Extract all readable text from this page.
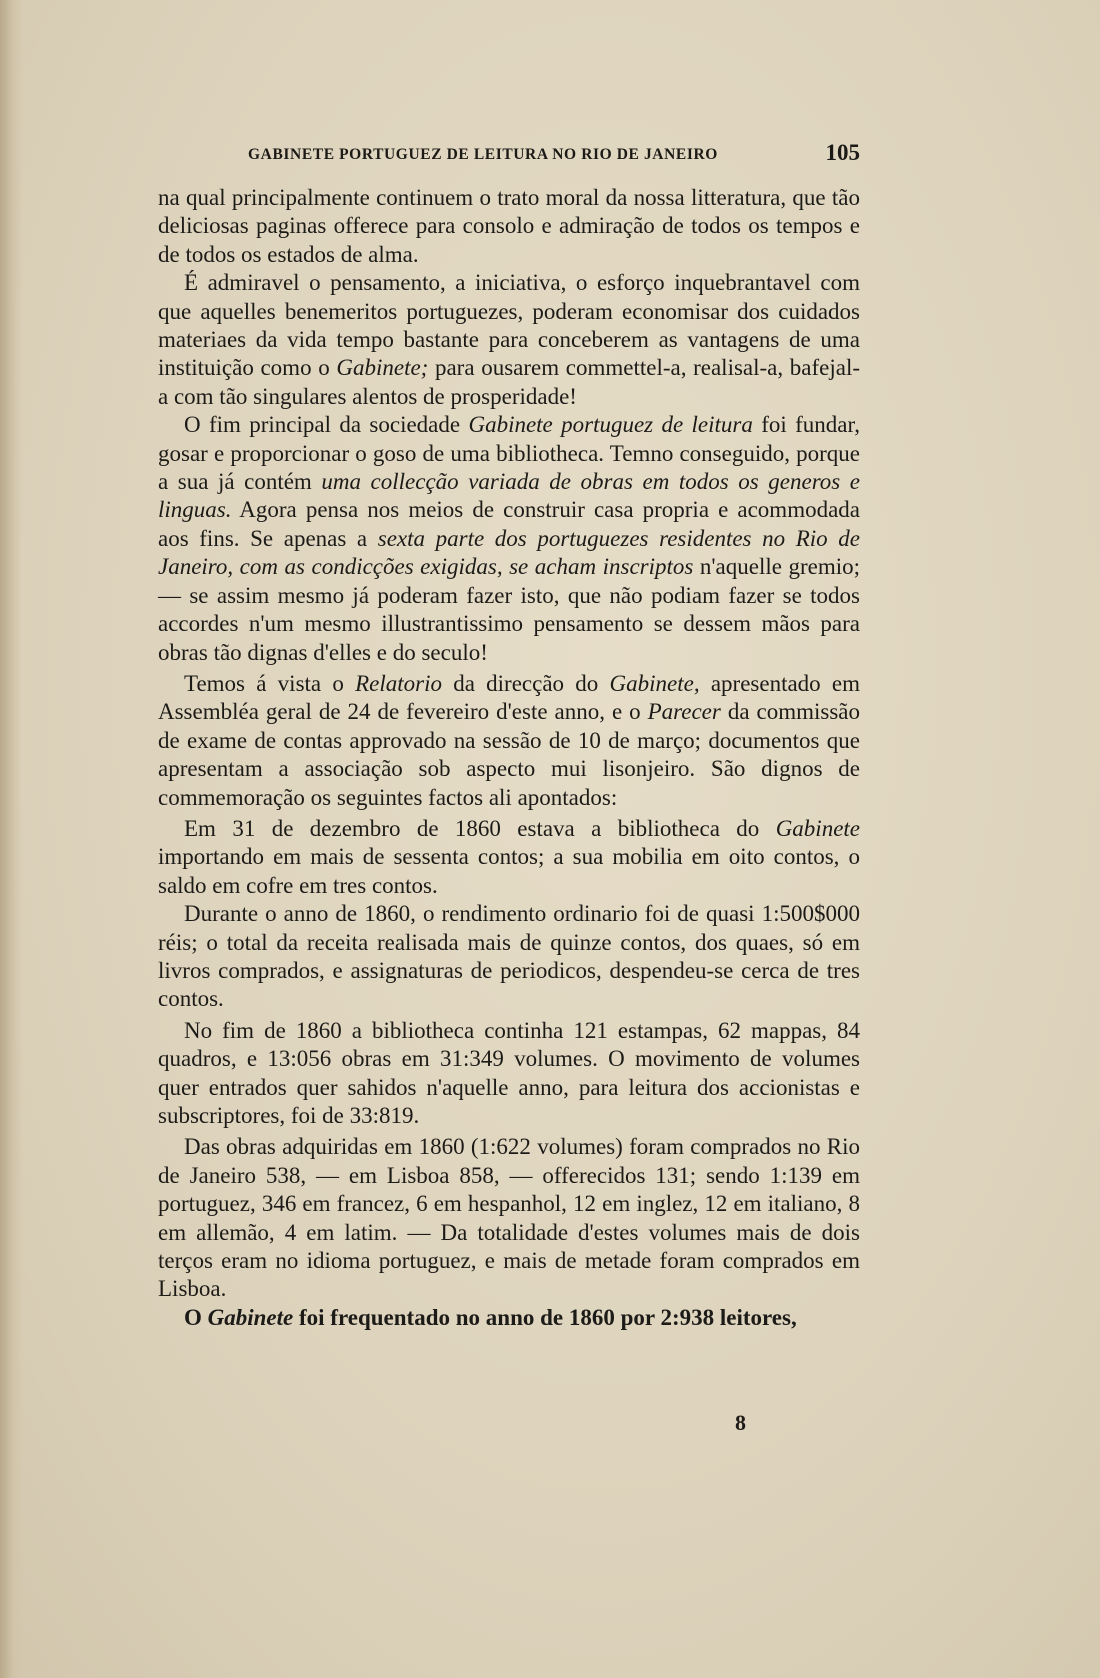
GABINETE PORTUGUEZ DE LEITURA NO RIO DE JANEIRO	105

na qual principalmente continuem o trato moral da nossa litteratura, que tão deliciosas paginas offerece para consolo e admiração de todos os tempos e de todos os estados de alma.

É admiravel o pensamento, a iniciativa, o esforço inquebrantavel com que aquelles benemeritos portuguezes, poderam economisar dos cuidados materiaes da vida tempo bastante para conceberem as vantagens de uma instituição como o Gabinete; para ousarem commettel-a, realisal-a, bafejal-a com tão singulares alentos de prosperidade!

O fim principal da sociedade Gabinete portuguez de leitura foi fundar, gosar e proporcionar o goso de uma bibliotheca. Temno conseguido, porque a sua já contém uma collecção variada de obras em todos os generos e linguas. Agora pensa nos meios de construir casa propria e acommodada aos fins. Se apenas a sexta parte dos portuguezes residentes no Rio de Janeiro, com as condicções exigidas, se acham inscriptos n'aquelle gremio; — se assim mesmo já poderam fazer isto, que não podiam fazer se todos accordes n'um mesmo illustrantissimo pensamento se dessem mãos para obras tão dignas d'elles e do seculo!

Temos á vista o Relatorio da direcção do Gabinete, apresentado em Assembléa geral de 24 de fevereiro d'este anno, e o Parecer da commissão de exame de contas approvado na sessão de 10 de março; documentos que apresentam a associação sob aspecto mui lisonjeiro. São dignos de commemoração os seguintes factos ali apontados:

Em 31 de dezembro de 1860 estava a bibliotheca do Gabinete importando em mais de sessenta contos; a sua mobilia em oito contos, o saldo em cofre em tres contos.

Durante o anno de 1860, o rendimento ordinario foi de quasi 1:500$000 réis; o total da receita realisada mais de quinze contos, dos quaes, só em livros comprados, e assignaturas de periodicos, despendeu-se cerca de tres contos.

No fim de 1860 a bibliotheca continha 121 estampas, 62 mappas, 84 quadros, e 13:056 obras em 31:349 volumes. O movimento de volumes quer entrados quer sahidos n'aquelle anno, para leitura dos accionistas e subscriptores, foi de 33:819.

Das obras adquiridas em 1860 (1:622 volumes) foram comprados no Rio de Janeiro 538, — em Lisboa 858, — offerecidos 131; sendo 1:139 em portuguez, 346 em francez, 6 em hespanhol, 12 em inglez, 12 em italiano, 8 em allemão, 4 em latim. — Da totalidade d'estes volumes mais de dois terços eram no idioma portuguez, e mais de metade foram comprados em Lisboa.

O Gabinete foi frequentado no anno de 1860 por 2:938 leitores,

8
